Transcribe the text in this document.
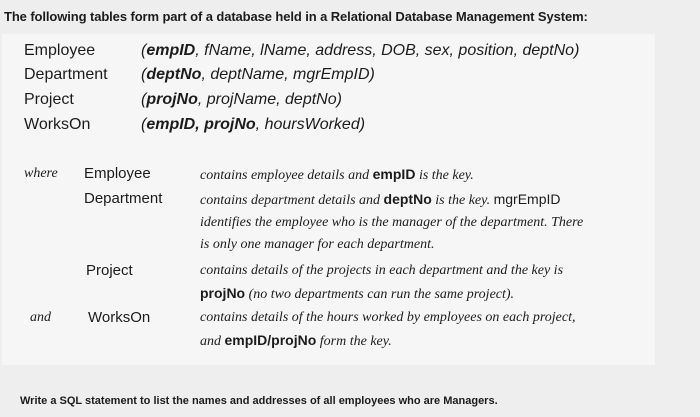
The following tables form part of a database held in a Relational Database Management System:
Employee	(empID, fName, lName, address, DOB, sex, position, deptNo)
Department (deptNo, deptName, mgrEmpID)
Project	(projNo, projName, deptNo)
WorksOn	(empID, projNo, hoursWorked)
where Employee	contains employee details and empID is the key.
Department	contains department details and deptNo is the key. mgrEmpID
identifies the employee who is the manager of the department. There
is only one manager for each department.
Project	contains details of the projects in each department and the key is
projNo (no two departments can run the same project).
and WorksOn	contains details of the hours worked by employees on each project,
and empID/projNo form the key.
Write a SQL statement to list the names and addresses of all employees who are Managers.
